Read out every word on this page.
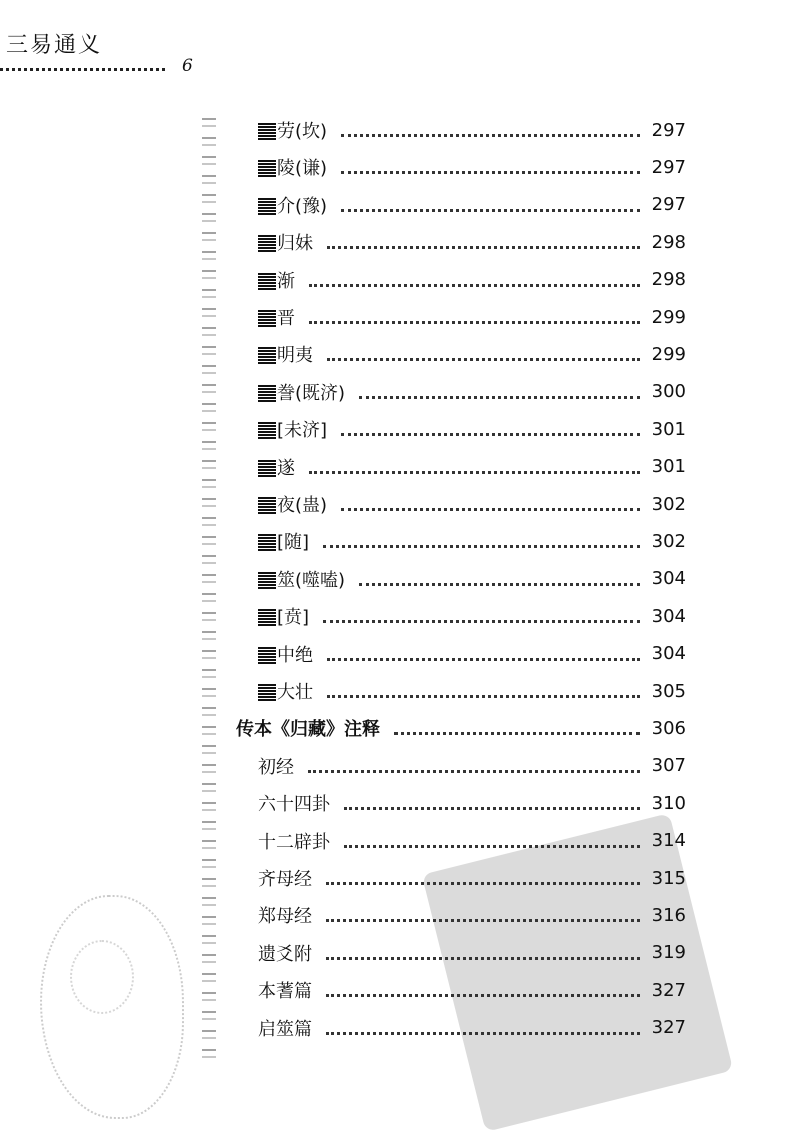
三易通义
6
劳(坎)	297
陵(谦)	297
介(豫)	297
归妹	298
渐	298
晋	299
明夷	299
誊(既济)	300
[未济]	301
遂	301
夜(蛊)	302
[随]	302
筮(噬嗑)	304
[贲]	304
中绝	304
大壮	305
传本《归藏》注释	306
初经	307
六十四卦	310
十二辟卦	314
齐母经	315
郑母经	316
遗爻附	319
本蓍篇	327
启筮篇	327
